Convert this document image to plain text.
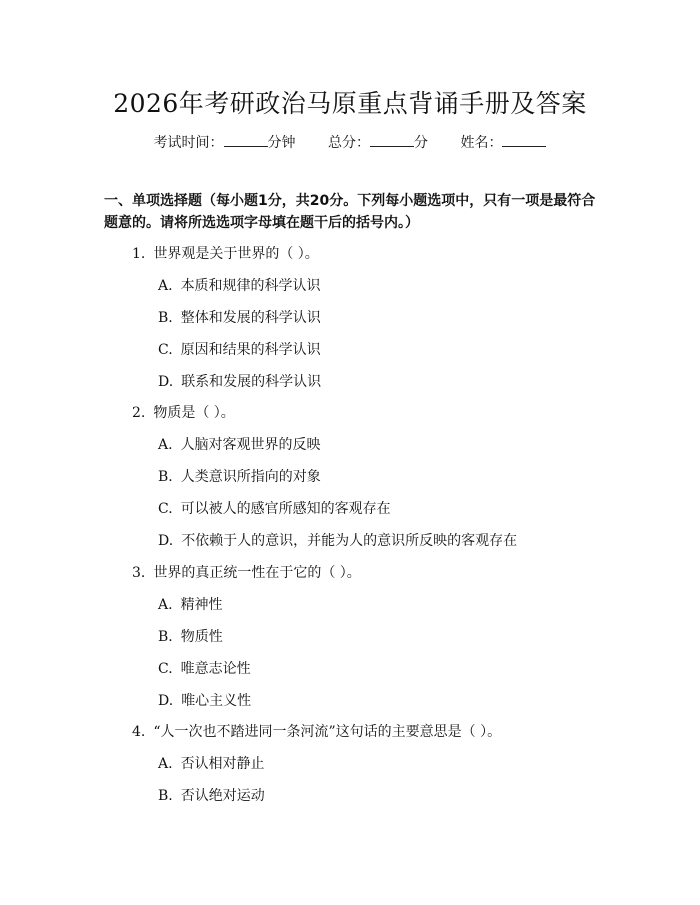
2026年考研政治马原重点背诵手册及答案
考试时间：	分钟 总分：	分 姓名：
一、单项选择题（每小题1分，共20分。下列每小题选项中，只有一项是最符合题意的。请将所选选项字母填在题干后的括号内。）
1. 世界观是关于世界的（ ）。
A. 本质和规律的科学认识
B. 整体和发展的科学认识
C. 原因和结果的科学认识
D. 联系和发展的科学认识
2. 物质是（ ）。
A. 人脑对客观世界的反映
B. 人类意识所指向的对象
C. 可以被人的感官所感知的客观存在
D. 不依赖于人的意识，并能为人的意识所反映的客观存在
3. 世界的真正统一性在于它的（ ）。
A. 精神性
B. 物质性
C. 唯意志论性
D. 唯心主义性
4. “人一次也不踏进同一条河流”这句话的主要意思是（ ）。
A. 否认相对静止
B. 否认绝对运动
